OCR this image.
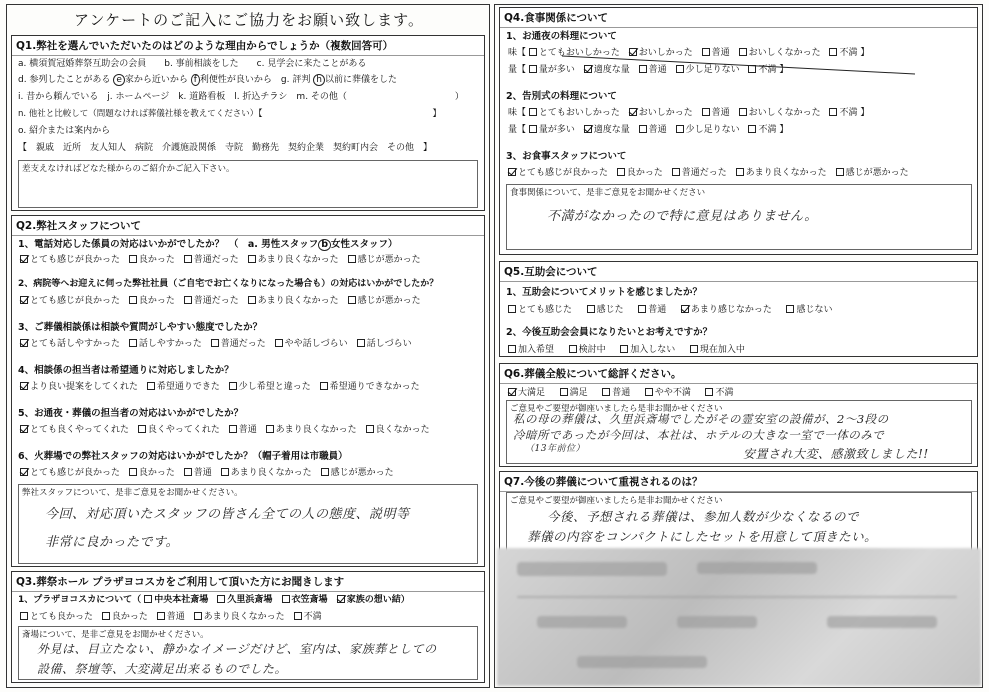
アンケートのご記入にご協力をお願い致します。
Q1.弊社を選んでいただいたのはどのような理由からでしょうか（複数回答可）
a. 横須賀冠婚葬祭互助会の会員　　b. 事前相談をした　　c. 見学会に来たことがある
d. 参列したことがある e 家から近いから f 利便性が良いから　g. 評判 h 以前に葬儀をした
i. 昔から頼んでいる　j. ホームページ　k. 道路看板　l. 折込チラシ　m. その他（　　　　　　　　　　　　）
n. 他社と比較して（問題なければ葬儀社様を教えてください）【　　　　　　　　　　　　　　　　　　　　】
o. 紹介または案内から
【　親戚　近所　友人知人　病院　介護施設関係　寺院　勤務先　契約企業　契約町内会　その他　】
差支えなければどなた様からのご紹介かご記入下さい。
Q2.弊社スタッフについて
1、電話対応した係員の対応はいかがでしたか？　（　a. 男性スタッフ b 女性スタッフ）
とても感じが良かった 良かった 普通だった あまり良くなかった 感じが悪かった
2、病院等へお迎えに伺った弊社社員（ご自宅でお亡くなりになった場合も）の対応はいかがでしたか？
とても感じが良かった 良かった 普通だった あまり良くなかった 感じが悪かった
3、ご葬儀相談係は相談や質問がしやすい態度でしたか？
とても話しやすかった 話しやすかった 普通だった やや話しづらい 話しづらい
4、相談係の担当者は希望通りに対応しましたか？
より良い提案をしてくれた 希望通りできた 少し希望と違った 希望通りできなかった
5、お通夜・葬儀の担当者の対応はいかがでしたか？
とても良くやってくれた 良くやってくれた 普通 あまり良くなかった 良くなかった
6、火葬場での弊社スタッフの対応はいかがでしたか？（帽子着用は市職員）
とても感じが良かった 良かった 普通 あまり良くなかった 感じが悪かった
弊社スタッフについて、是非ご意見をお聞かせください。
今回、対応頂いたスタッフの皆さん全ての人の態度、説明等
非常に良かったです。
Q3.葬祭ホール プラザヨコスカをご利用して頂いた方にお聞きします
1、プラザヨコスカについて（ 中央本社斎場 久里浜斎場 衣笠斎場 家族の想い結）
とても良かった 良かった 普通 あまり良くなかった 不満
斎場について、是非ご意見をお聞かせください。
外見は、目立たない、静かなイメージだけど、室内は、家族葬としての
設備、祭壇等、大変満足出来るものでした。
Q4.食事関係について
1、お通夜の料理について
味【 とてもおいしかった おいしかった 普通 おいしくなかった 不満 】
量【 量が多い 適度な量 普通 少し足りない 不満 】
2、告別式の料理について
味【 とてもおいしかった おいしかった 普通 おいしくなかった 不満 】
量【 量が多い 適度な量 普通 少し足りない 不満 】
3、お食事スタッフについて
とても感じが良かった 良かった 普通だった あまり良くなかった 感じが悪かった
食事関係について、是非ご意見をお聞かせください
不満がなかったので特に意見はありません。
Q5.互助会について
1、互助会についてメリットを感じましたか？
とても感じた	感じた	普通	あまり感じなかった	感じない
2、今後互助会会員になりたいとお考えですか？
加入希望	検討中	加入しない	現在加入中
Q6.葬儀全般について総評ください。
大満足	満足	普通	やや不満	不満
ご意見やご要望が御座いましたら是非お聞かせください
私の母の葬儀は、久里浜斎場でしたがその霊安室の設備が、2～3段の
冷暗所であったが今回は、本社は、ホテルの大きな一室で一体のみで
（13年前位）	安置され大変、感激致しました!!
Q7.今後の葬儀について重視されるのは？
ご意見やご要望が御座いましたら是非お聞かせください
今後、予想される葬儀は、参加人数が少なくなるので
葬儀の内容をコンパクトにしたセットを用意して頂きたい。
